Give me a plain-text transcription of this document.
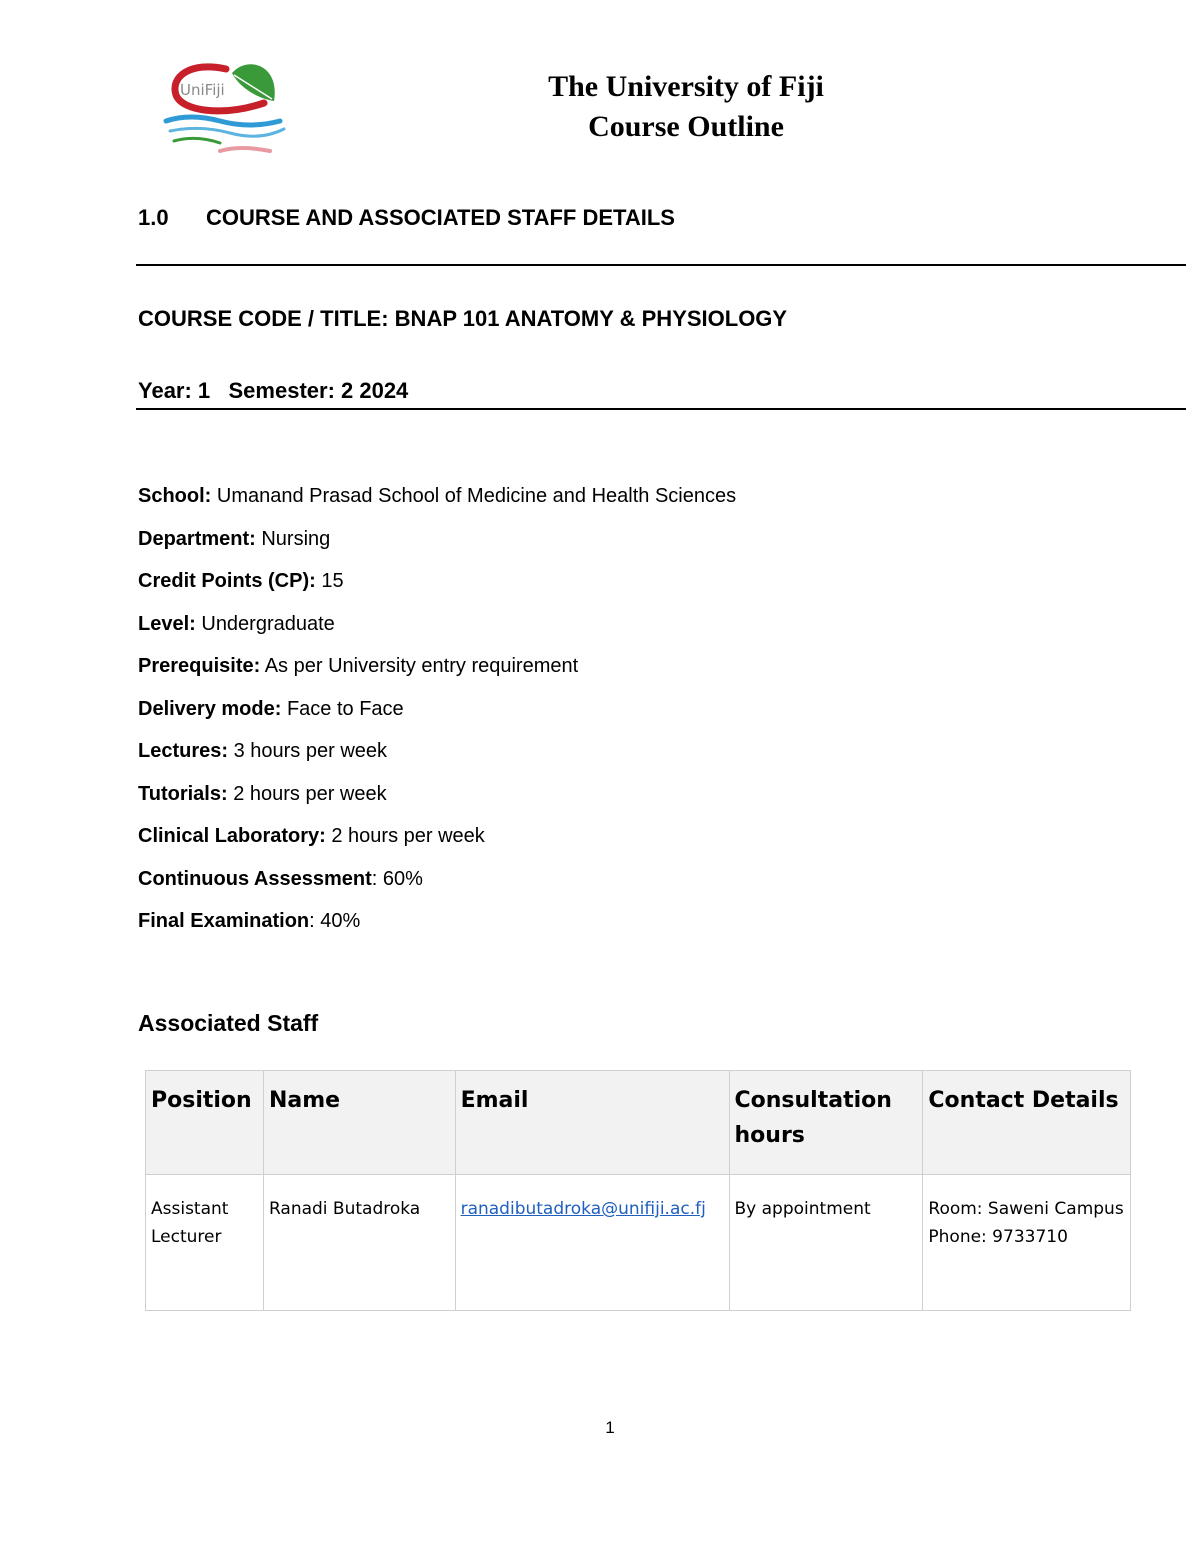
UniFiji	The University of Fiji
Course Outline
1.0 COURSE AND ASSOCIATED STAFF DETAILS
COURSE CODE / TITLE: BNAP 101 ANATOMY & PHYSIOLOGY
Year: 1   Semester: 2 2024
School: Umanand Prasad School of Medicine and Health Sciences
Department: Nursing
Credit Points (CP): 15
Level: Undergraduate
Prerequisite: As per University entry requirement
Delivery mode: Face to Face
Lectures: 3 hours per week
Tutorials: 2 hours per week
Clinical Laboratory: 2 hours per week
Continuous Assessment: 60%
Final Examination: 40%
Associated Staff
Position	Name	Email	Consultation hours	Contact Details
Assistant Lecturer	Ranadi Butadroka	ranadibutadroka@unifiji.ac.fj	By appointment	Room: Saweni Campus
Phone: 9733710
1
